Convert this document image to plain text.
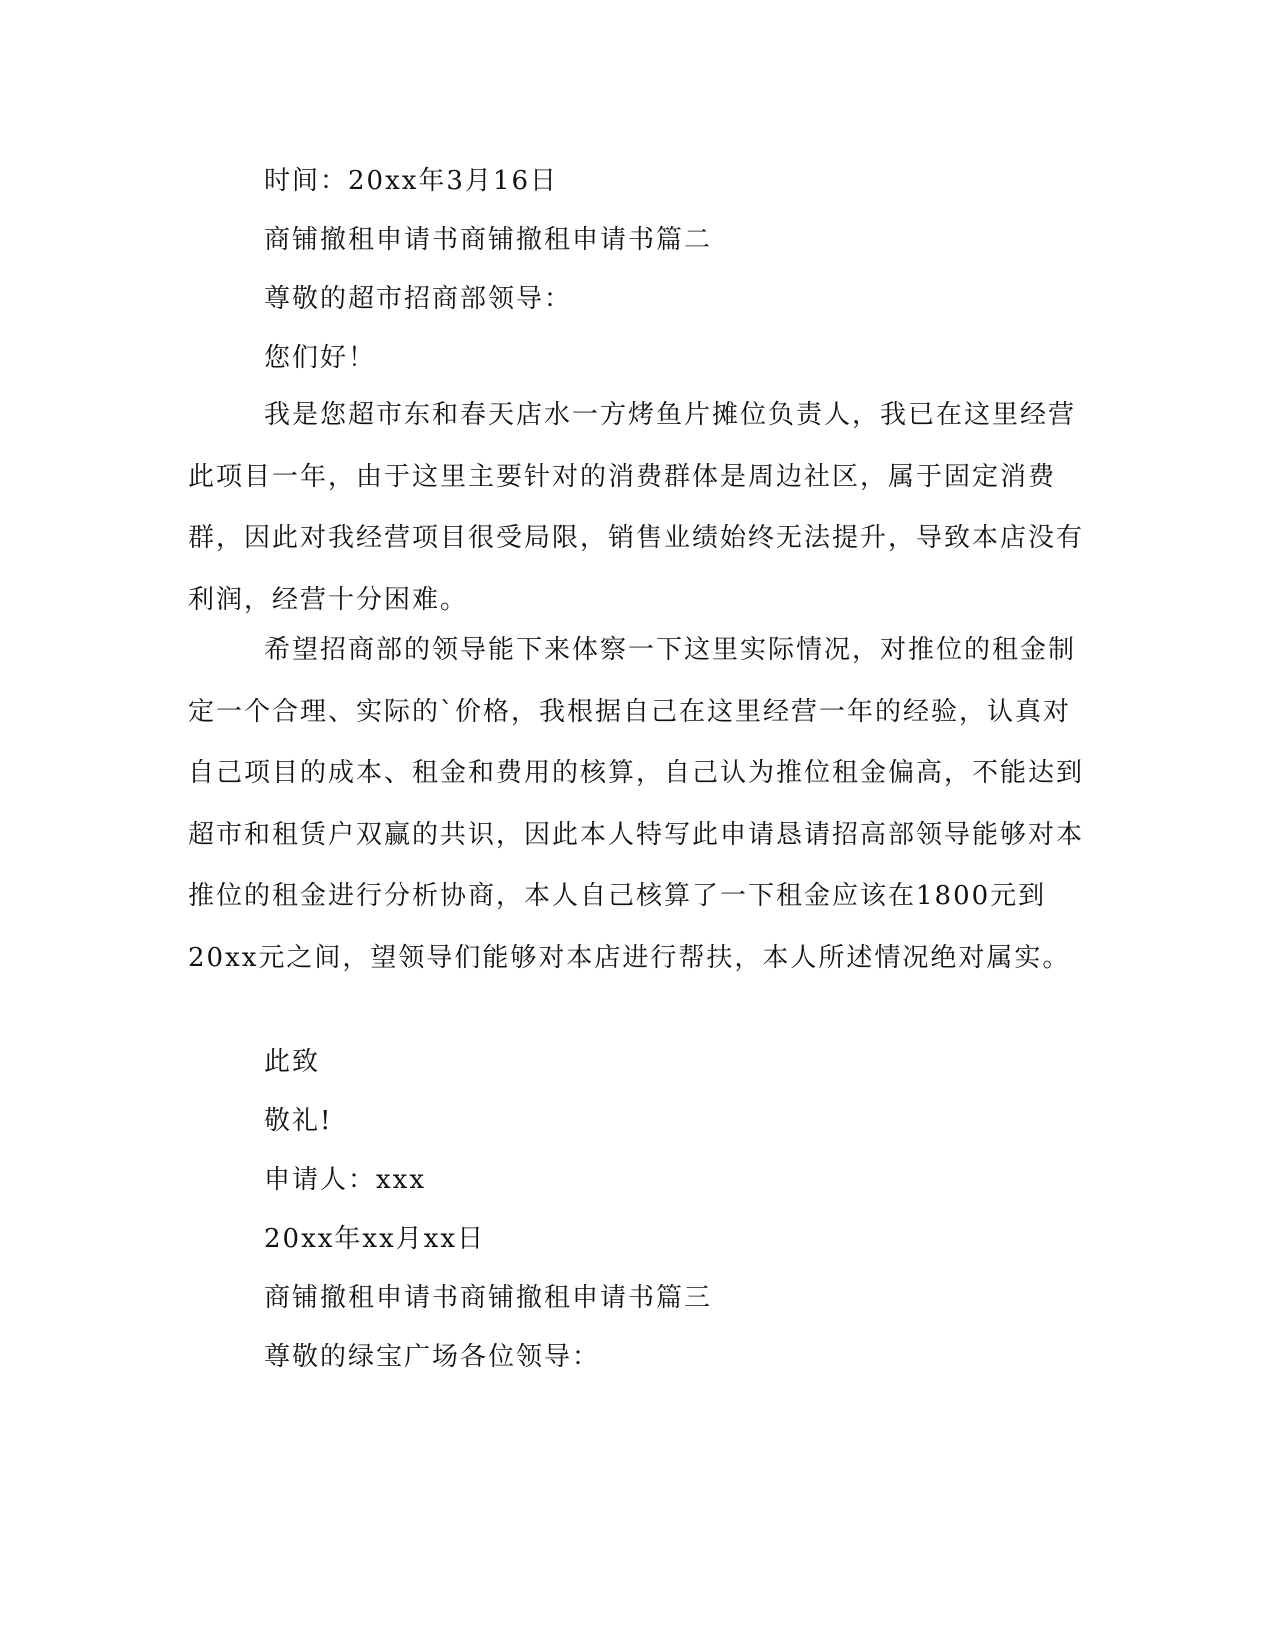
时间：20xx年3月16日
商铺撤租申请书商铺撤租申请书篇二
尊敬的超市招商部领导：
您们好！

我是您超市东和春天店水一方烤鱼片摊位负责人，我已在这里经营此项目一年，由于这里主要针对的消费群体是周边社区，属于固定消费群，因此对我经营项目很受局限，销售业绩始终无法提升，导致本店没有利润，经营十分困难。

希望招商部的领导能下来体察一下这里实际情况，对推位的租金制定一个合理、实际的`价格，我根据自己在这里经营一年的经验，认真对自己项目的成本、租金和费用的核算，自己认为推位租金偏高，不能达到超市和租赁户双赢的共识，因此本人特写此申请恳请招高部领导能够对本推位的租金进行分析协商，本人自己核算了一下租金应该在1800元到20xx元之间，望领导们能够对本店进行帮扶，本人所述情况绝对属实。

此致
敬礼!
申请人：xxx
20xx年xx月xx日
商铺撤租申请书商铺撤租申请书篇三
尊敬的绿宝广场各位领导：
